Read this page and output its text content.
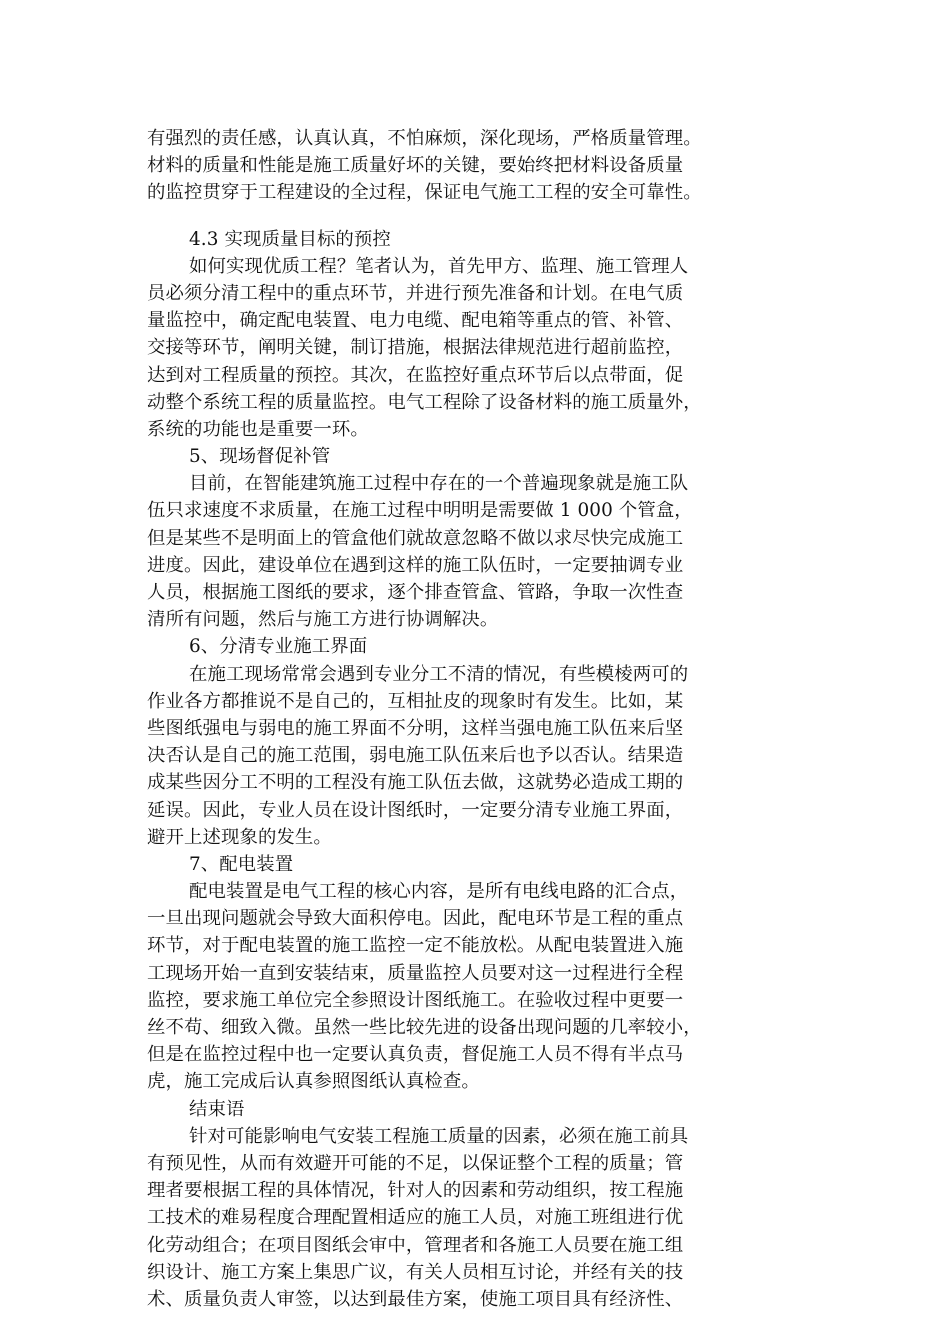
有强烈的责任感，认真认真，不怕麻烦，深化现场，严格质量管理。
材料的质量和性能是施工质量好坏的关键，要始终把材料设备质量
的监控贯穿于工程建设的全过程，保证电气施工工程的安全可靠性。
4.3 实现质量目标的预控
如何实现优质工程？笔者认为，首先甲方、监理、施工管理人
员必须分清工程中的重点环节，并进行预先准备和计划。在电气质
量监控中，确定配电装置、电力电缆、配电箱等重点的管、补管、
交接等环节，阐明关键，制订措施，根据法律规范进行超前监控，
达到对工程质量的预控。其次，在监控好重点环节后以点带面，促
动整个系统工程的质量监控。电气工程除了设备材料的施工质量外，
系统的功能也是重要一环。
5、现场督促补管
目前，在智能建筑施工过程中存在的一个普遍现象就是施工队
伍只求速度不求质量，在施工过程中明明是需要做 1 000 个管盒，
但是某些不是明面上的管盒他们就故意忽略不做以求尽快完成施工
进度。因此，建设单位在遇到这样的施工队伍时，一定要抽调专业
人员，根据施工图纸的要求，逐个排查管盒、管路，争取一次性查
清所有问题，然后与施工方进行协调解决。
6、分清专业施工界面
在施工现场常常会遇到专业分工不清的情况，有些模棱两可的
作业各方都推说不是自己的，互相扯皮的现象时有发生。比如，某
些图纸强电与弱电的施工界面不分明，这样当强电施工队伍来后坚
决否认是自己的施工范围，弱电施工队伍来后也予以否认。结果造
成某些因分工不明的工程没有施工队伍去做，这就势必造成工期的
延误。因此，专业人员在设计图纸时，一定要分清专业施工界面，
避开上述现象的发生。
7、配电装置
配电装置是电气工程的核心内容，是所有电线电路的汇合点，
一旦出现问题就会导致大面积停电。因此，配电环节是工程的重点
环节，对于配电装置的施工监控一定不能放松。从配电装置进入施
工现场开始一直到安装结束，质量监控人员要对这一过程进行全程
监控，要求施工单位完全参照设计图纸施工。在验收过程中更要一
丝不苟、细致入微。虽然一些比较先进的设备出现问题的几率较小，
但是在监控过程中也一定要认真负责，督促施工人员不得有半点马
虎，施工完成后认真参照图纸认真检查。
结束语
针对可能影响电气安装工程施工质量的因素，必须在施工前具
有预见性，从而有效避开可能的不足，以保证整个工程的质量；管
理者要根据工程的具体情况，针对人的因素和劳动组织，按工程施
工技术的难易程度合理配置相适应的施工人员，对施工班组进行优
化劳动组合；在项目图纸会审中，管理者和各施工人员要在施工组
织设计、施工方案上集思广议，有关人员相互讨论，并经有关的技
术、质量负责人审签，以达到最佳方案，使施工项目具有经济性、
